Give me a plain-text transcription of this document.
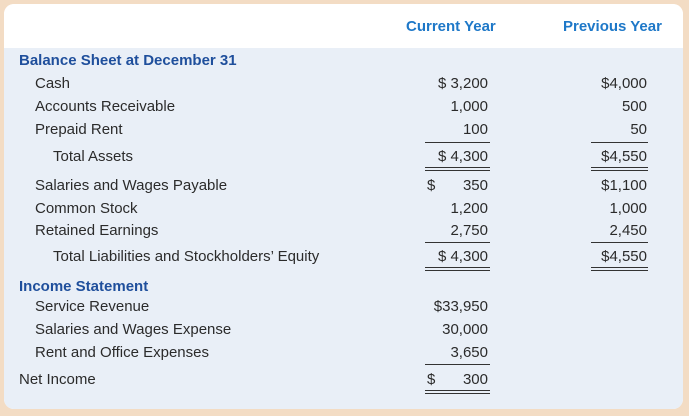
Current Year	Previous Year
Balance Sheet at December 31
Cash	$ 3,200	$4,000
Accounts Receivable	1,000	500
Prepaid Rent	100	50
Total Assets	$ 4,300	$4,550
Salaries and Wages Payable	$ 350	$1,100
Common Stock	1,200	1,000
Retained Earnings	2,750	2,450
Total Liabilities and Stockholders’ Equity	$ 4,300	$4,550
Income Statement
Service Revenue	$33,950
Salaries and Wages Expense	30,000
Rent and Office Expenses	3,650
Net Income	$ 300
